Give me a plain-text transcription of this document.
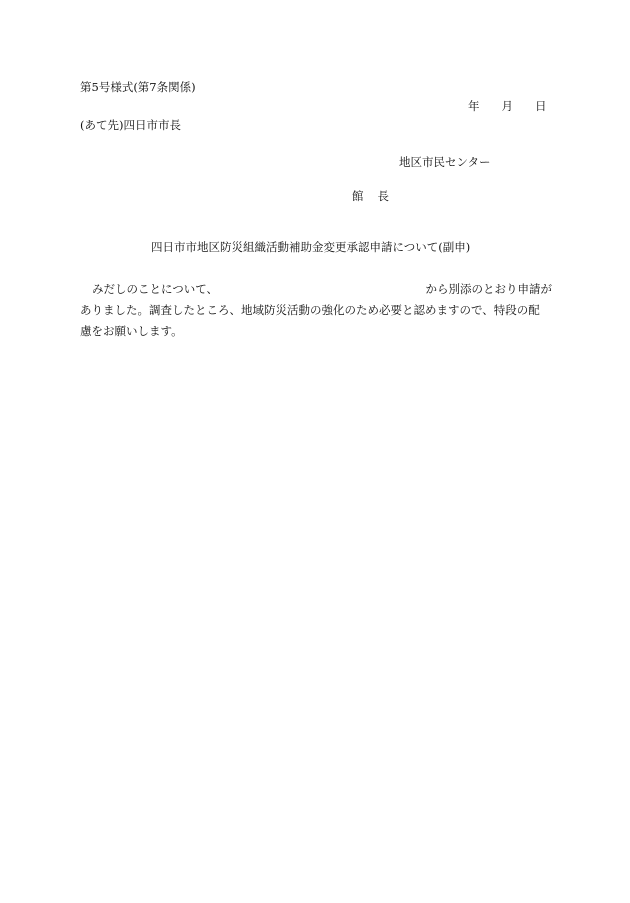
第5号様式(第7条関係)
年 月 日
(あて先)四日市市長
地区市民センター
館 長
四日市市地区防災組織活動補助金変更承認申請について(副申)
みだしのことについて、	から別添のとおり申請が
ありました。調査したところ、地域防災活動の強化のため必要と認めますので、特段の配
慮をお願いします。
